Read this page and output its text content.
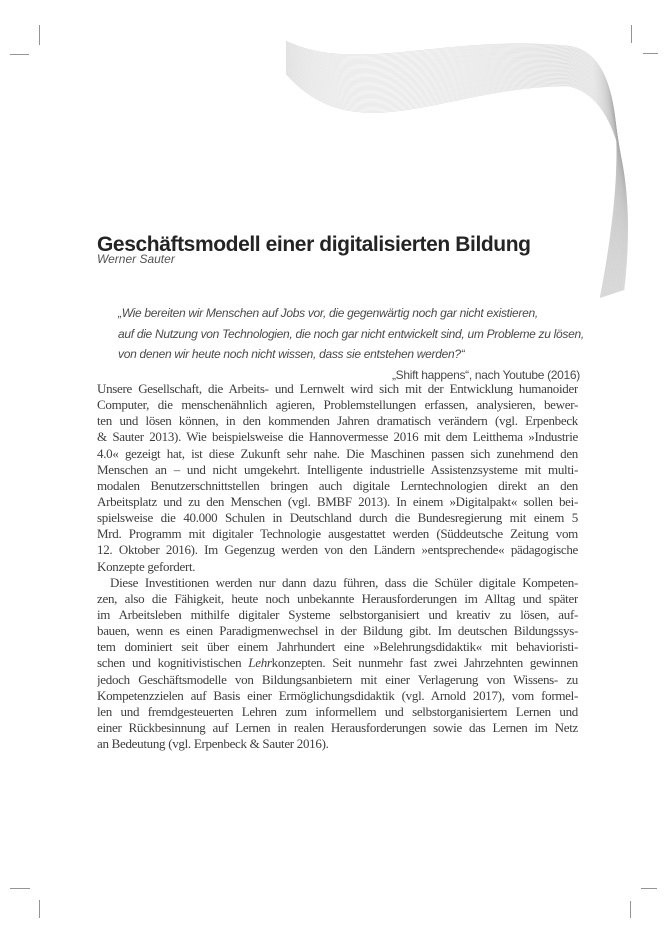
Geschäftsmodell einer digitalisierten Bildung
Werner Sauter
„Wie bereiten wir Menschen auf Jobs vor, die gegenwärtig noch gar nicht existieren,
auf die Nutzung von Technologien, die noch gar nicht entwickelt sind, um Probleme zu lösen,
von denen wir heute noch nicht wissen, dass sie entstehen werden?“
„Shift happens“, nach Youtube (2016)
Unsere Gesellschaft, die Arbeits- und Lernwelt wird sich mit der Entwicklung humanoider
Computer, die menschenähnlich agieren, Problemstellungen erfassen, analysieren, bewer-
ten und lösen können, in den kommenden Jahren dramatisch verändern (vgl. Erpenbeck
& Sauter 2013). Wie beispielsweise die Hannovermesse 2016 mit dem Leitthema »Industrie
4.0« gezeigt hat, ist diese Zukunft sehr nahe. Die Maschinen passen sich zunehmend den
Menschen an – und nicht umgekehrt. Intelligente industrielle Assistenzsysteme mit multi-
modalen Benutzerschnittstellen bringen auch digitale Lerntechnologien direkt an den
Arbeitsplatz und zu den Menschen (vgl. BMBF 2013). In einem »Digitalpakt« sollen bei-
spielsweise die 40.000 Schulen in Deutschland durch die Bundesregierung mit einem 5
Mrd. Programm mit digitaler Technologie ausgestattet werden (Süddeutsche Zeitung vom
12. Oktober 2016). Im Gegenzug werden von den Ländern »entsprechende« pädagogische
Konzepte gefordert.
Diese Investitionen werden nur dann dazu führen, dass die Schüler digitale Kompeten-
zen, also die Fähigkeit, heute noch unbekannte Herausforderungen im Alltag und später
im Arbeitsleben mithilfe digitaler Systeme selbstorganisiert und kreativ zu lösen, auf-
bauen, wenn es einen Paradigmenwechsel in der Bildung gibt. Im deutschen Bildungssys-
tem dominiert seit über einem Jahrhundert eine »Belehrungsdidaktik« mit behavioristi-
schen und kognitivistischen Lehrkonzepten. Seit nunmehr fast zwei Jahrzehnten gewinnen
jedoch Geschäftsmodelle von Bildungsanbietern mit einer Verlagerung von Wissens- zu
Kompetenzzielen auf Basis einer Ermöglichungsdidaktik (vgl. Arnold 2017), vom formel-
len und fremdgesteuerten Lehren zum informellem und selbstorganisiertem Lernen und
einer Rückbesinnung auf Lernen in realen Herausforderungen sowie das Lernen im Netz
an Bedeutung (vgl. Erpenbeck & Sauter 2016).
